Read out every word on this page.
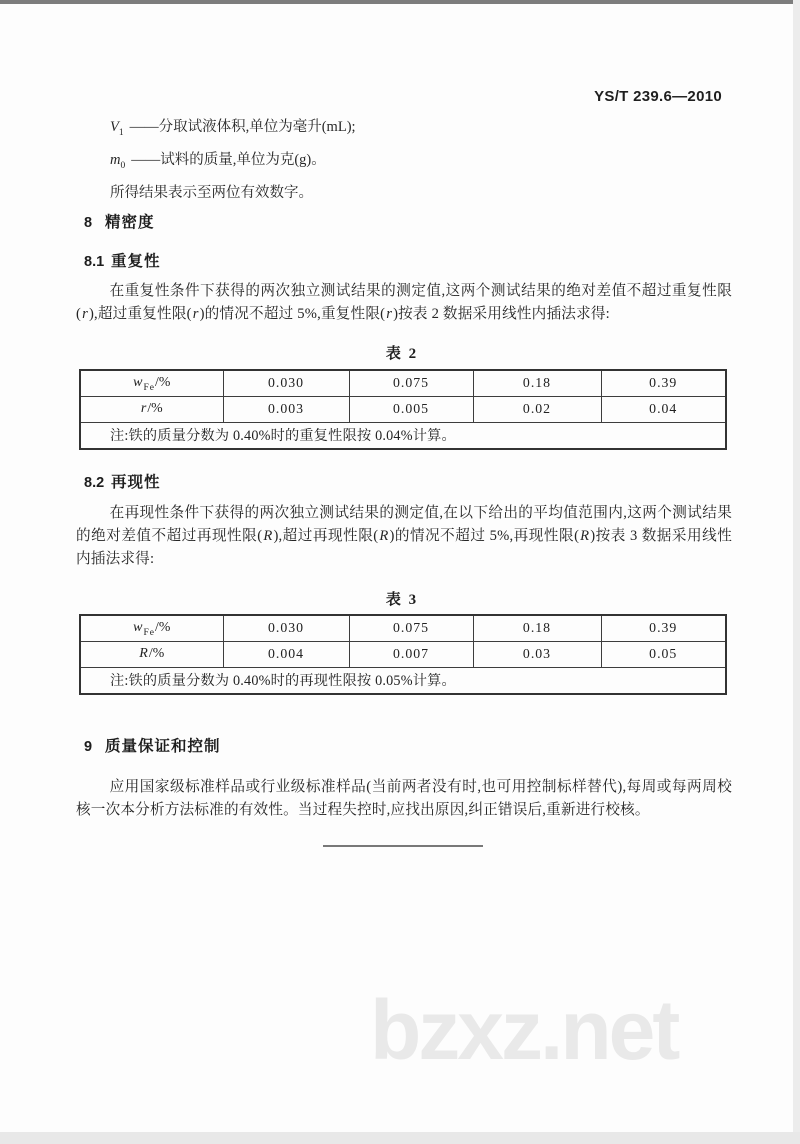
YS/T 239.6—2010
$V_1$ ——分取试液体积,单位为毫升(mL);
$m_0$ ——试料的质量,单位为克(g)。
所得结果表示至两位有效数字。
8 精密度
8.1 重复性

在重复性条件下获得的两次独立测试结果的测定值,这两个测试结果的绝对差值不超过重复性限(r),超过重复性限(r)的情况不超过 5%,重复性限(r)按表 2 数据采用线性内插法求得:

表 2
$w_{Fe}/\%$	0.030	0.075	0.18	0.39
r/%	0.003	0.005	0.02	0.04
注:铁的质量分数为 0.40%时的重复性限按 0.04%计算。				
8.2 再现性

在再现性条件下获得的两次独立测试结果的测定值,在以下给出的平均值范围内,这两个测试结果的绝对差值不超过再现性限(R),超过再现性限(R)的情况不超过 5%,再现性限(R)按表 3 数据采用线性内插法求得:

表 3
$w_{Fe}/\%$	0.030	0.075	0.18	0.39
R/%	0.004	0.007	0.03	0.05
注:铁的质量分数为 0.40%时的再现性限按 0.05%计算。				
9 质量保证和控制

应用国家级标准样品或行业级标准样品(当前两者没有时,也可用控制标样替代),每周或每两周校核一次本分析方法标准的有效性。当过程失控时,应找出原因,纠正错误后,重新进行校核。

bzxz.net
